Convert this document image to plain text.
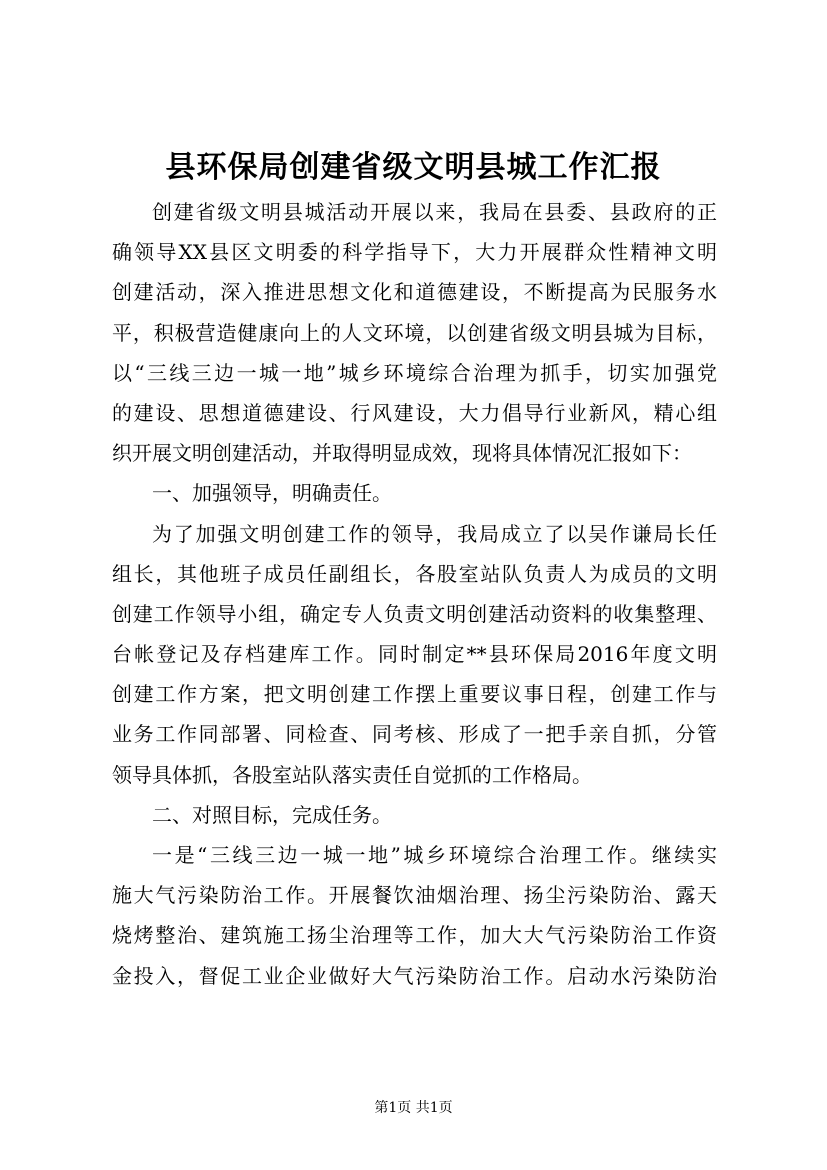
县环保局创建省级文明县城工作汇报
创建省级文明县城活动开展以来，我局在县委、县政府的正
确领导XX县区文明委的科学指导下，大力开展群众性精神文明
创建活动，深入推进思想文化和道德建设，不断提高为民服务水
平，积极营造健康向上的人文环境，以创建省级文明县城为目标，
以“三线三边一城一地”城乡环境综合治理为抓手，切实加强党
的建设、思想道德建设、行风建设，大力倡导行业新风，精心组
织开展文明创建活动，并取得明显成效，现将具体情况汇报如下：
一、加强领导，明确责任。
为了加强文明创建工作的领导，我局成立了以吴作谦局长任
组长，其他班子成员任副组长，各股室站队负责人为成员的文明
创建工作领导小组，确定专人负责文明创建活动资料的收集整理、
台帐登记及存档建库工作。同时制定**县环保局2016年度文明
创建工作方案，把文明创建工作摆上重要议事日程，创建工作与
业务工作同部署、同检查、同考核、形成了一把手亲自抓，分管
领导具体抓，各股室站队落实责任自觉抓的工作格局。
二、对照目标，完成任务。
一是“三线三边一城一地”城乡环境综合治理工作。继续实
施大气污染防治工作。开展餐饮油烟治理、扬尘污染防治、露天
烧烤整治、建筑施工扬尘治理等工作，加大大气污染防治工作资
金投入，督促工业企业做好大气污染防治工作。启动水污染防治
第1页 共1页
